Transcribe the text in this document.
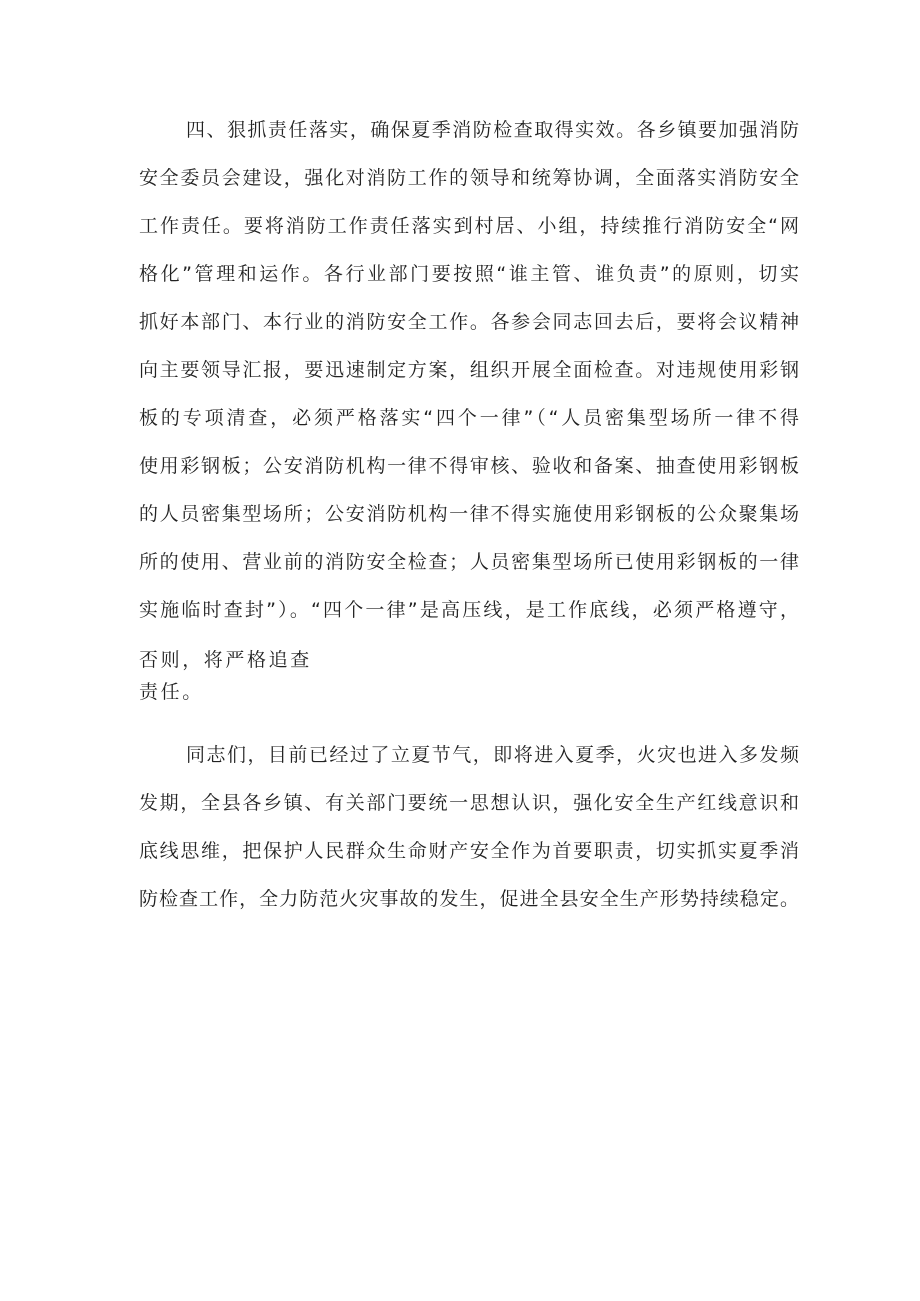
四、狠抓责任落实，确保夏季消防检查取得实效。各乡镇要加强消防
安全委员会建设，强化对消防工作的领导和统筹协调，全面落实消防安全
工作责任。要将消防工作责任落实到村居、小组，持续推行消防安全“网
格化”管理和运作。各行业部门要按照“谁主管、谁负责”的原则，切实
抓好本部门、本行业的消防安全工作。各参会同志回去后，要将会议精神
向主要领导汇报，要迅速制定方案，组织开展全面检查。对违规使用彩钢
板的专项清查，必须严格落实“四个一律”（“人员密集型场所一律不得
使用彩钢板；公安消防机构一律不得审核、验收和备案、抽查使用彩钢板
的人员密集型场所；公安消防机构一律不得实施使用彩钢板的公众聚集场
所的使用、营业前的消防安全检查；人员密集型场所已使用彩钢板的一律
实施临时查封”）。“四个一律”是高压线，是工作底线，必须严格遵守，
否则，将严格追查
责任。
同志们，目前已经过了立夏节气，即将进入夏季，火灾也进入多发频
发期，全县各乡镇、有关部门要统一思想认识，强化安全生产红线意识和
底线思维，把保护人民群众生命财产安全作为首要职责，切实抓实夏季消
防检查工作，全力防范火灾事故的发生，促进全县安全生产形势持续稳定。
